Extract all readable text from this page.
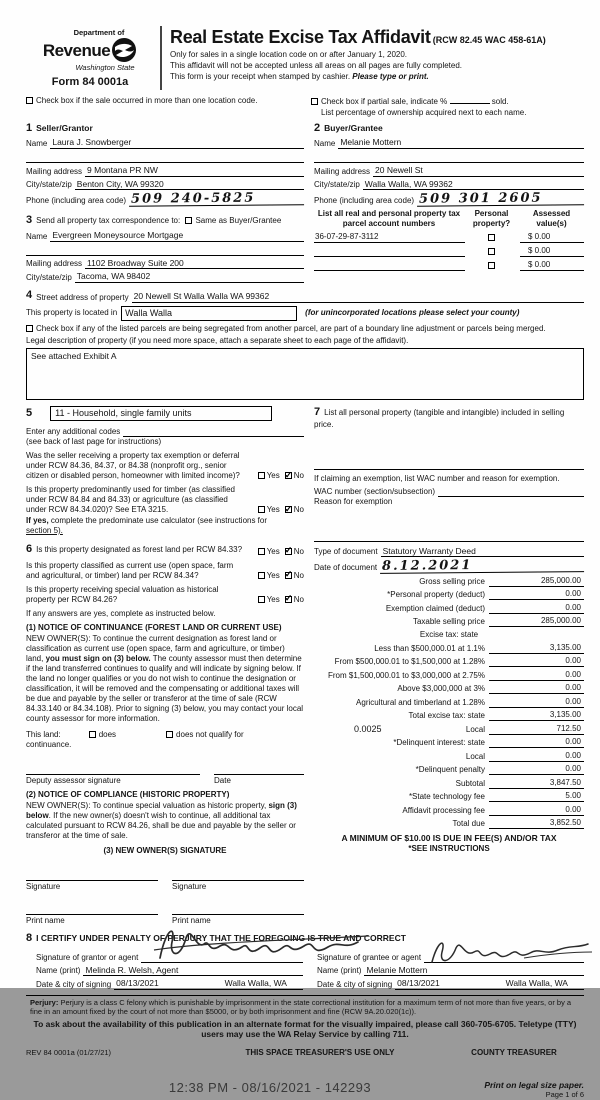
Department of
Revenue
Washington State
Form 84 0001a
Real Estate Excise Tax Affidavit (RCW 82.45 WAC 458-61A)
Only for sales in a single location code on or after January 1, 2020.
This affidavit will not be accepted unless all areas on all pages are fully completed.
This form is your receipt when stamped by cashier. Please type or print.
Check box if the sale occurred in more than one location code.	Check box if partial sale, indicate %	sold.
List percentage of ownership acquired next to each name.
1 Seller/Grantor
Name Laura J. Snowberger
Mailing address 9 Montana PR NW
City/state/zip Benton City, WA 99320
Phone (including area code) 509 240-5825
3 Send all property tax correspondence to: Same as Buyer/Grantee
Name Evergreen Moneysource Mortgage
Mailing address 1102 Broadway Suite 200
City/state/zip Tacoma, WA 98402
2 Buyer/Grantee
Name Melanie Mottern
Mailing address 20 Newell St
City/state/zip Walla Walla, WA 99362
Phone (including area code) 509 301 2605
List all real and personal property tax parcel account numbers
Personal
property?
Assessed
value(s)
36-07-29-87-3112	$ 0.00
$ 0.00
$ 0.00
4 Street address of property 20 Newell St Walla Walla WA 99362
This property is located in Walla Walla	(for unincorporated locations please select your county)
Check box if any of the listed parcels are being segregated from another parcel, are part of a boundary line adjustment or parcels being merged.
Legal description of property (if you need more space, attach a separate sheet to each page of the affidavit).
See attached Exhibit A
5	11 - Household, single family units
Enter any additional codes
(see back of last page for instructions)
Was the seller receiving a property tax exemption or deferral under RCW 84.36, 84.37, or 84.38 (nonprofit org., senior citizen or disabled person, homeowner with limited income)?	Yes ✓ No
Is this property predominantly used for timber (as classified under RCW 84.84 and 84.33) or agriculture (as classified under RCW 84.34.020)? See ETA 3215.	Yes ✓ No
If yes, complete the predominate use calculator (see instructions for
section 5).
6 Is this property designated as forest land per RCW 84.33?	Yes ✓ No
Is this property classified as current use (open space, farm and agricultural, or timber) land per RCW 84.34?	Yes ✓ No
Is this property receiving special valuation as historical property per RCW 84.26?	Yes ✓ No
If any answers are yes, complete as instructed below.
(1) NOTICE OF CONTINUANCE (FOREST LAND OR CURRENT USE)
NEW OWNER(S): To continue the current designation as forest land or classification as current use (open space, farm and agriculture, or timber) land, you must sign on (3) below. The county assessor must then determine if the land transferred continues to qualify and will indicate by signing below. If the land no longer qualifies or you do not wish to continue the designation or classification, it will be removed and the compensating or additional taxes will be due and payable by the seller or transferor at the time of sale (RCW 84.33.140 or 84.34.108). Prior to signing (3) below, you may contact your local county assessor for more information.
This land:	does	does not qualify for
continuance.
Deputy assessor signature	Date
(2) NOTICE OF COMPLIANCE (HISTORIC PROPERTY)
NEW OWNER(S): To continue special valuation as historic property, sign (3) below. If the new owner(s) doesn't wish to continue, all additional tax calculated pursuant to RCW 84.26, shall be due and payable by the seller or transferor at the time of sale.
(3) NEW OWNER(S) SIGNATURE
Signature	Signature
Print name	Print name
7 List all personal property (tangible and intangible) included in selling price.
If claiming an exemption, list WAC number and reason for exemption.
WAC number (section/subsection)
Reason for exemption
Type of document Statutory Warranty Deed
Date of document 8.12.2021
Gross selling price	285,000.00
*Personal property (deduct)	0.00
Exemption claimed (deduct)	0.00
Taxable selling price	285,000.00
Excise tax: state
Less than $500,000.01 at 1.1%	3,135.00
From $500,000.01 to $1,500,000 at 1.28%	0.00
From $1,500,000.01 to $3,000,000 at 2.75%	0.00
Above $3,000,000 at 3%	0.00
Agricultural and timberland at 1.28%	0.00
Total excise tax: state	3,135.00
0.0025	Local	712.50
*Delinquent interest: state	0.00
Local	0.00
*Delinquent penalty	0.00
Subtotal	3,847.50
*State technology fee	5.00
Affidavit processing fee	0.00
Total due	3,852.50
A MINIMUM OF $10.00 IS DUE IN FEE(S) AND/OR TAX
*SEE INSTRUCTIONS
8 I CERTIFY UNDER PENALTY OF PERJURY THAT THE FOREGOING IS TRUE AND CORRECT
Signature of grantor or agent
Name (print) Melinda R. Welsh, Agent
Date & city of signing 08/13/2021	Walla Walla, WA
Signature of grantee or agent
Name (print) Melanie Mottern
Date & city of signing 08/13/2021	Walla Walla, WA
Perjury: Perjury is a class C felony which is punishable by imprisonment in the state correctional institution for a maximum term of not more than five years, or by a fine in an amount fixed by the court of not more than $5000, or by both imprisonment and fine (RCW 9A.20.020(1c)).
To ask about the availability of this publication in an alternate format for the visually impaired, please call 360-705-6705. Teletype (TTY) users may use the WA Relay Service by calling 711.
REV 84 0001a (01/27/21)	THIS SPACE TREASURER'S USE ONLY	COUNTY TREASURER
12:38 PM - 08/16/2021 - 142293	Print on legal size paper.
Page 1 of 6
